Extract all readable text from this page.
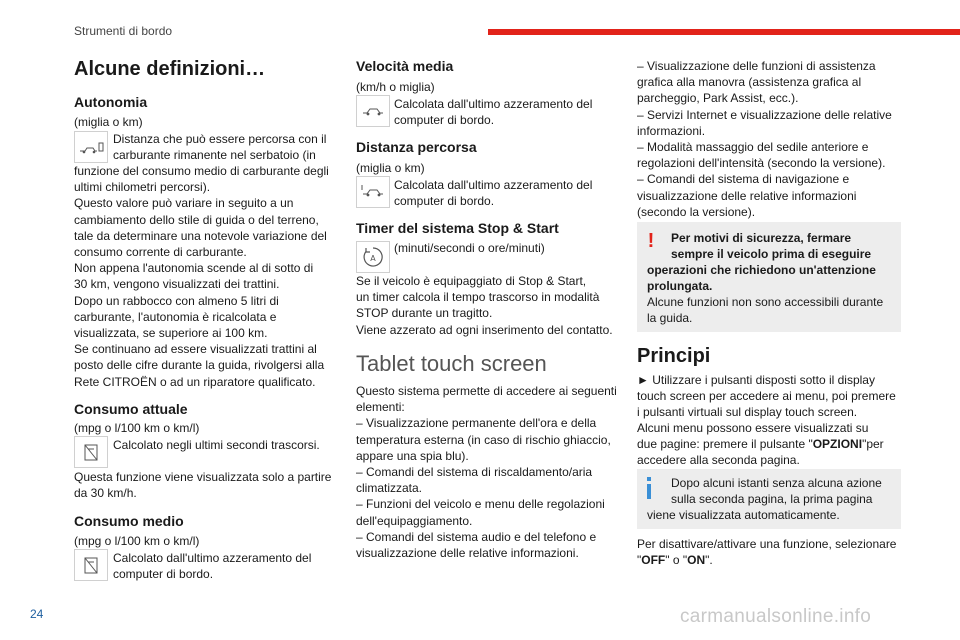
Strumenti di bordo
Alcune definizioni…
Autonomia

(miglia o km)

Distanza che può essere percorsa con il

carburante rimanente nel serbatoio (in

funzione del consumo medio di carburante degli

ultimi chilometri percorsi).

Questo valore può variare in seguito a un

cambiamento dello stile di guida o del terreno,

tale da determinare una notevole variazione del

consumo corrente di carburante.

Non appena l'autonomia scende al di sotto di

30 km, vengono visualizzati dei trattini.

Dopo un rabbocco con almeno 5 litri di

carburante, l'autonomia è ricalcolata e

visualizzata, se superiore ai 100 km.

Se continuano ad essere visualizzati trattini al

posto delle cifre durante la guida, rivolgersi alla

Rete CITROËN o ad un riparatore qualificato.

Consumo attuale

(mpg o l/100 km o km/l)

Calcolato negli ultimi secondi trascorsi.

Questa funzione viene visualizzata solo a partire

da 30 km/h.

Consumo medio

(mpg o l/100 km o km/l)

Calcolato dall'ultimo azzeramento del

computer di bordo.

Velocità media

(km/h o miglia)

Calcolata dall'ultimo azzeramento del

computer di bordo.

Distanza percorsa

(miglia o km)

Calcolata dall'ultimo azzeramento del

computer di bordo.

Timer del sistema Stop & Start
A

(minuti/secondi o ore/minuti)

Se il veicolo è equipaggiato di Stop & Start,

un timer calcola il tempo trascorso in modalità

STOP durante un tragitto.

Viene azzerato ad ogni inserimento del contatto.

Tablet touch screen

Questo sistema permette di accedere ai seguenti

elementi:

– Visualizzazione permanente dell'ora e della

temperatura esterna (in caso di rischio ghiaccio,

appare una spia blu).

– Comandi del sistema di riscaldamento/aria

climatizzata.

– Funzioni del veicolo e menu delle regolazioni

dell'equipaggiamento.

– Comandi del sistema audio e del telefono e

visualizzazione delle relative informazioni.

– Visualizzazione delle funzioni di assistenza

grafica alla manovra (assistenza grafica al

parcheggio, Park Assist, ecc.).

– Servizi Internet e visualizzazione delle relative

informazioni.

– Modalità massaggio del sedile anteriore e

regolazioni dell'intensità (secondo la versione).

– Comandi del sistema di navigazione e

visualizzazione delle relative informazioni

(secondo la versione).

! Per motivi di sicurezza, fermare

sempre il veicolo prima di eseguire

operazioni che richiedono un'attenzione

prolungata.

Alcune funzioni non sono accessibili durante

la guida.

Principi

► Utilizzare i pulsanti disposti sotto il display

touch screen per accedere ai menu, poi premere

i pulsanti virtuali sul display touch screen.

Alcuni menu possono essere visualizzati su

due pagine: premere il pulsante "OPZIONI"per

accedere alla seconda pagina.

Dopo alcuni istanti senza alcuna azione

sulla seconda pagina, la prima pagina

viene visualizzata automaticamente.

Per disattivare/attivare una funzione, selezionare

"OFF" o "ON".

24	carmanualsonline.info
